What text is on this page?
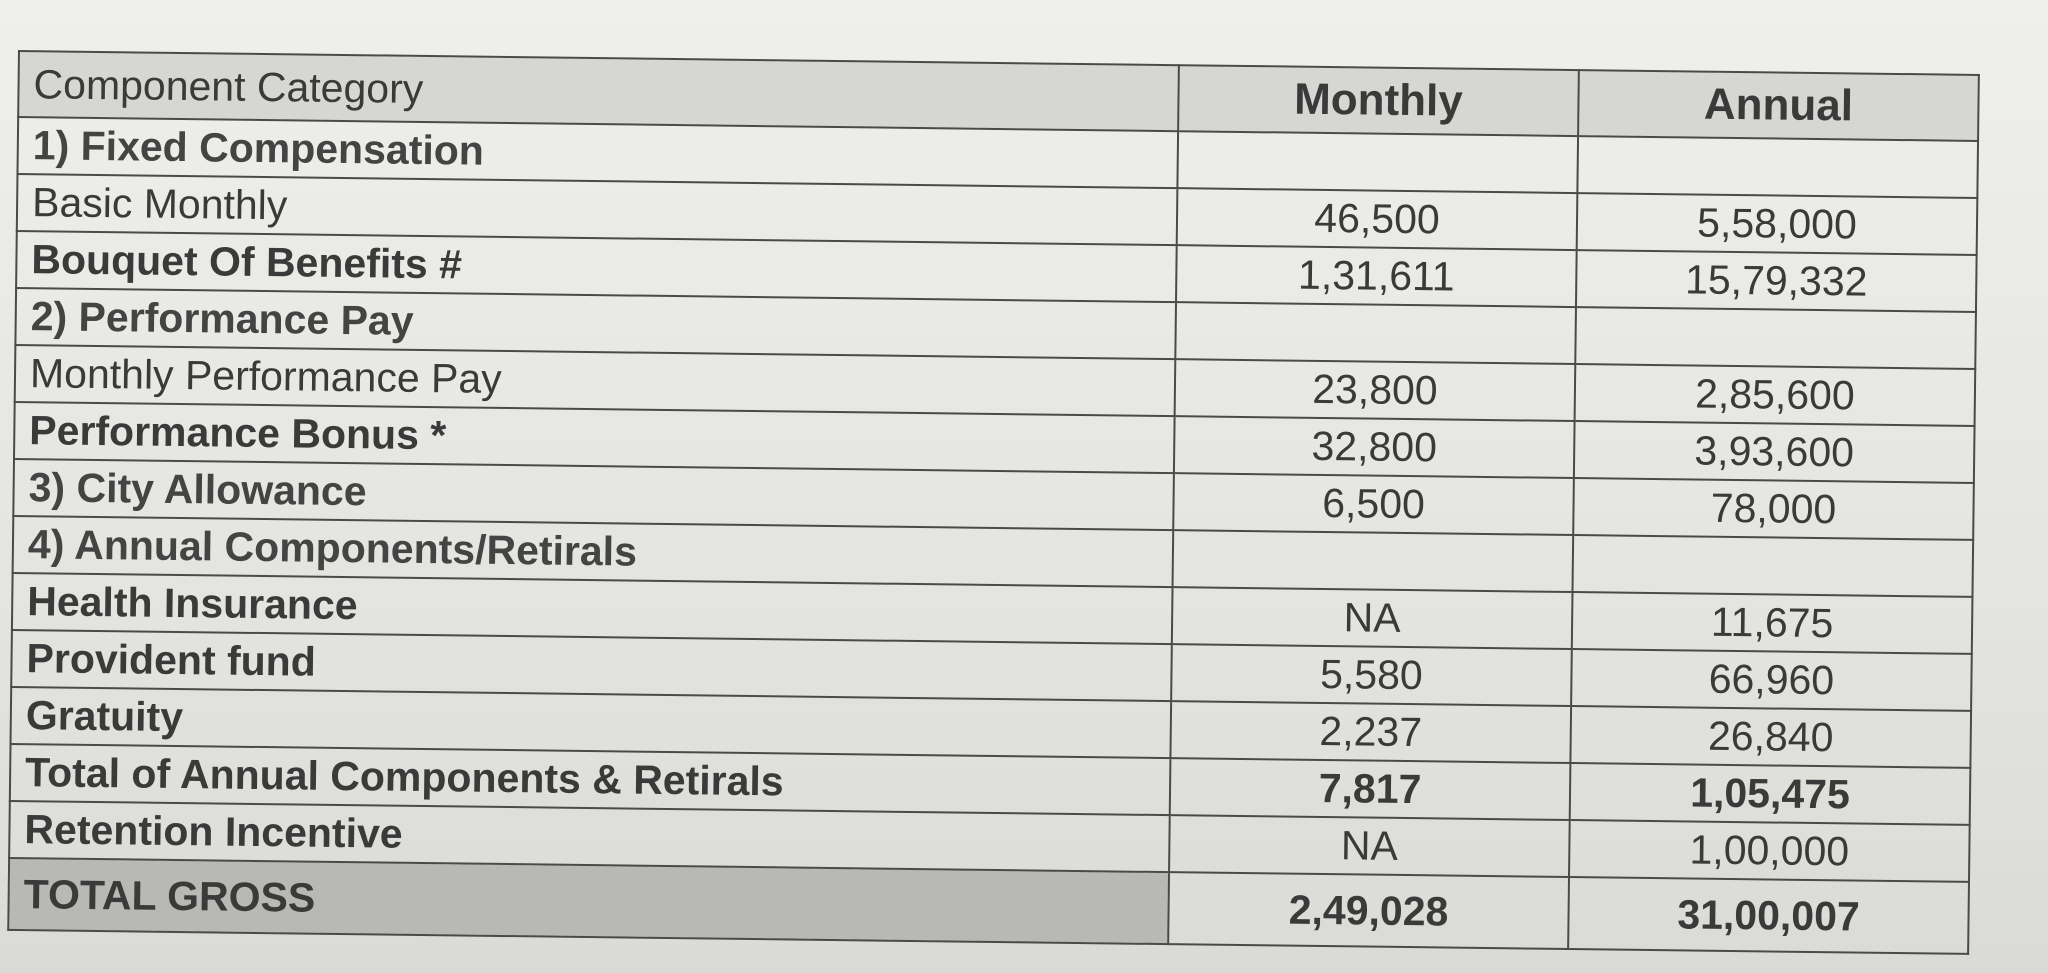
Component Category	Monthly	Annual
1) Fixed Compensation		
Basic Monthly	46,500	5,58,000
Bouquet Of Benefits #	1,31,611	15,79,332
2) Performance Pay		
Monthly Performance Pay	23,800	2,85,600
Performance Bonus *	32,800	3,93,600
3) City Allowance	6,500	78,000
4) Annual Components/Retirals		
Health Insurance	NA	11,675
Provident fund	5,580	66,960
Gratuity	2,237	26,840
Total of Annual Components & Retirals	7,817	1,05,475
Retention Incentive	NA	1,00,000
TOTAL GROSS	2,49,028	31,00,007
